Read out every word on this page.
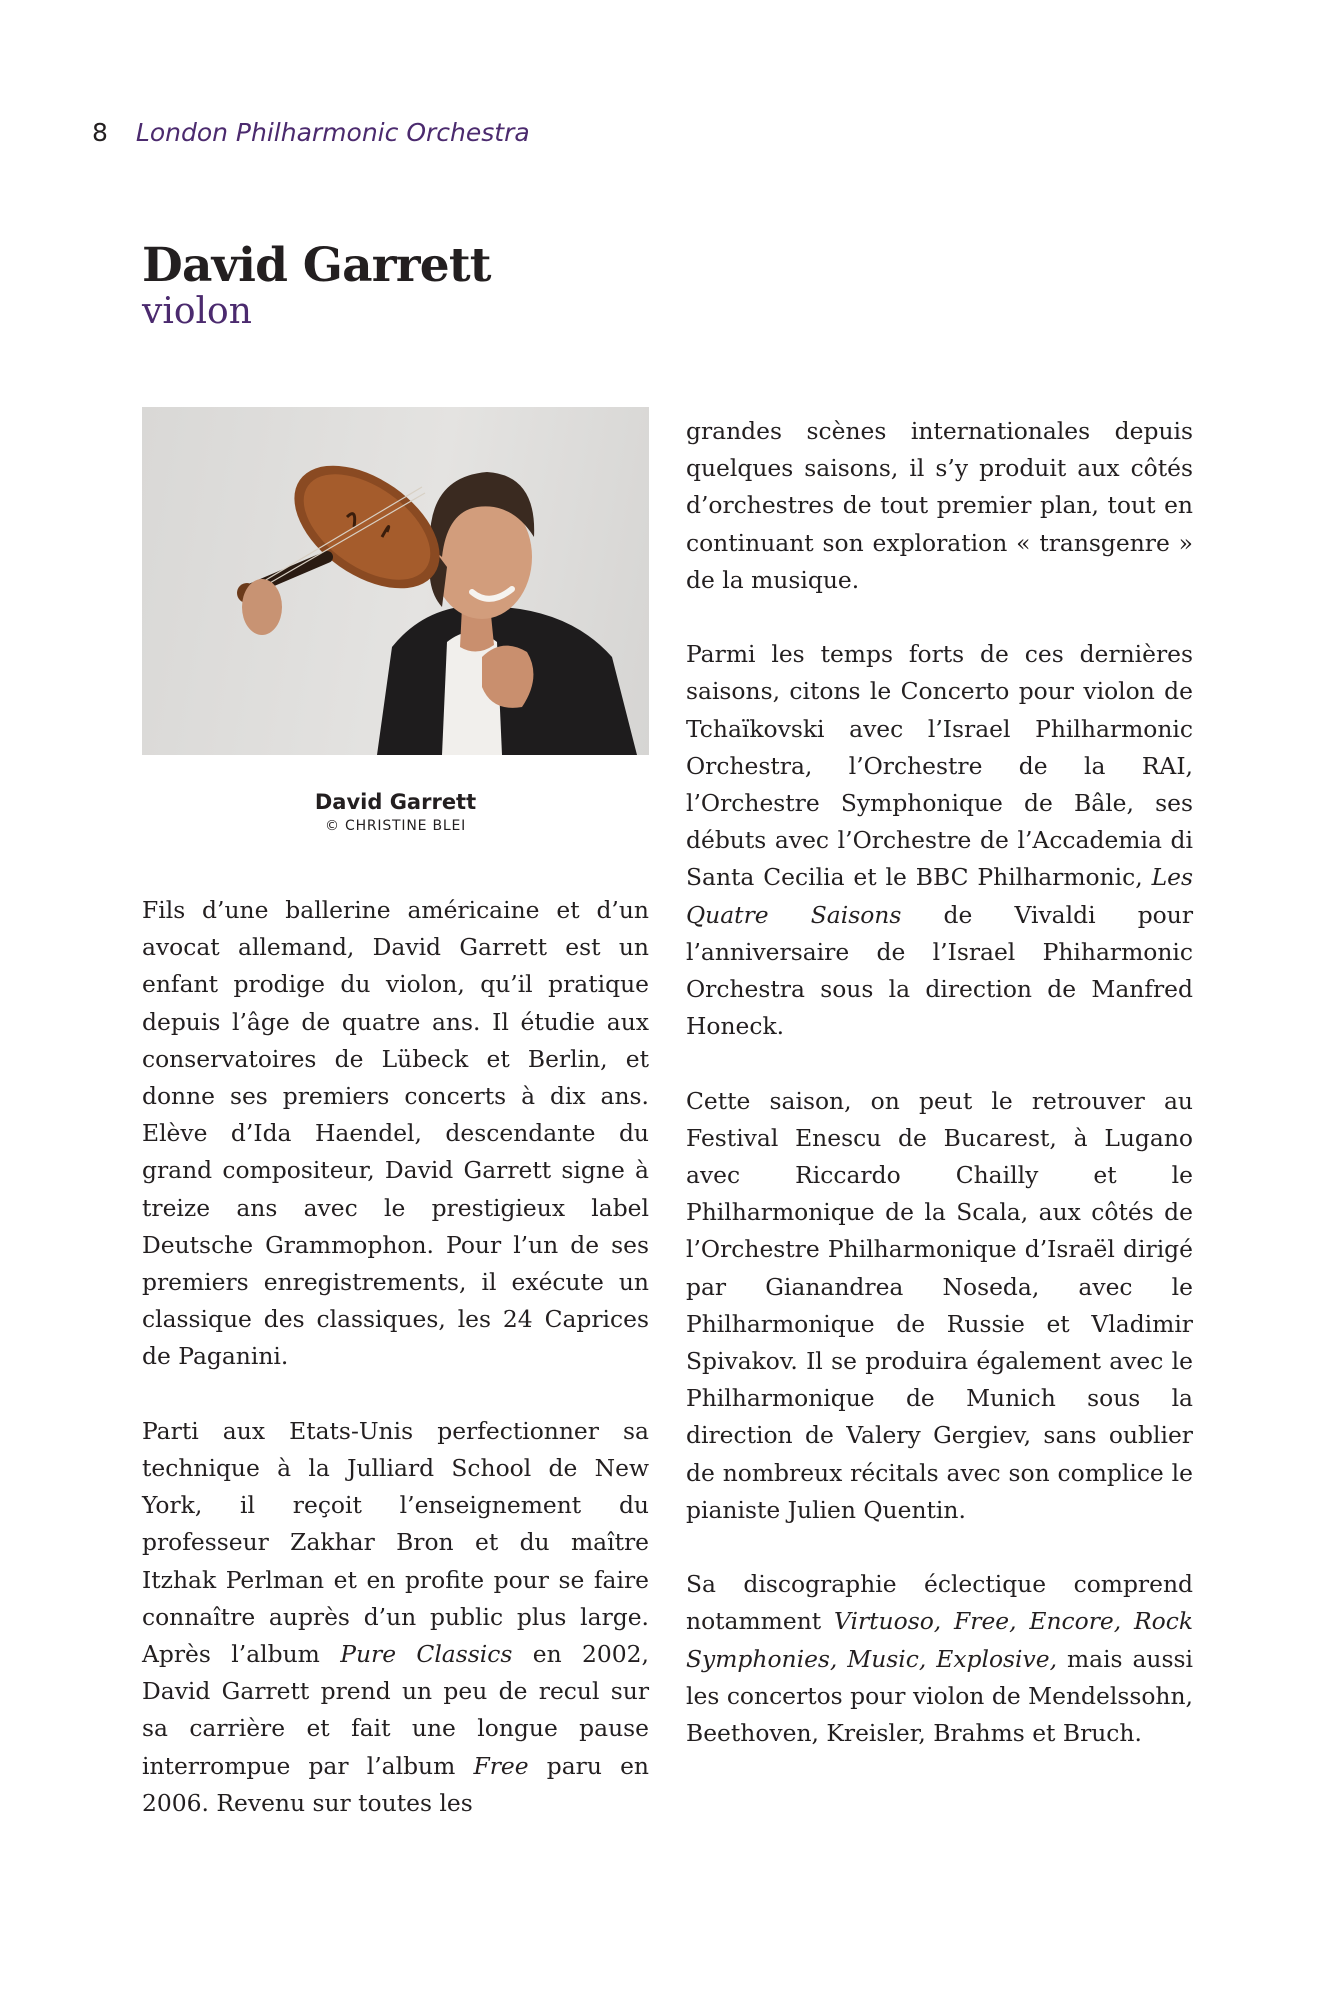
8 London Philharmonic Orchestra
David Garrett
violon
David Garrett
© CHRISTINE BLEI

Fils d’une ballerine américaine et d’un avocat allemand, David Garrett est un enfant prodige du violon, qu’il pratique depuis l’âge de quatre ans. Il étudie aux conservatoires de Lübeck et Berlin, et donne ses premiers concerts à dix ans. Elève d’Ida Haendel, descendante du grand compositeur, David Garrett signe à treize ans avec le prestigieux label Deutsche Grammophon. Pour l’un de ses premiers enregistrements, il exécute un classique des classiques, les 24 Caprices de Paganini.

Parti aux Etats-Unis perfectionner sa technique à la Julliard School de New York, il reçoit l’enseignement du professeur Zakhar Bron et du maître Itzhak Perlman et en profite pour se faire connaître auprès d’un public plus large. Après l’album Pure Classics en 2002, David Garrett prend un peu de recul sur sa carrière et fait une longue pause interrompue par l’album Free paru en 2006. Revenu sur toutes les

grandes scènes internationales depuis quelques saisons, il s’y produit aux côtés d’orchestres de tout premier plan, tout en continuant son exploration « transgenre » de la musique.

Parmi les temps forts de ces dernières saisons, citons le Concerto pour violon de Tchaïkovski avec l’Israel Philharmonic Orchestra, l’Orchestre de la RAI, l’Orchestre Symphonique de Bâle, ses débuts avec l’Orchestre de l’Accademia di Santa Cecilia et le BBC Philharmonic, Les Quatre Saisons de Vivaldi pour l’anniversaire de l’Israel Phiharmonic Orchestra sous la direction de Manfred Honeck.

Cette saison, on peut le retrouver au Festival Enescu de Bucarest, à Lugano avec Riccardo Chailly et le Philharmonique de la Scala, aux côtés de l’Orchestre Philharmonique d’Israël dirigé par Gianandrea Noseda, avec le Philharmonique de Russie et Vladimir Spivakov. Il se produira également avec le Philharmonique de Munich sous la direction de Valery Gergiev, sans oublier de nombreux récitals avec son complice le pianiste Julien Quentin.

Sa discographie éclectique comprend notamment Virtuoso, Free, Encore, Rock Symphonies, Music, Explosive, mais aussi les concertos pour violon de Mendelssohn, Beethoven, Kreisler, Brahms et Bruch.
